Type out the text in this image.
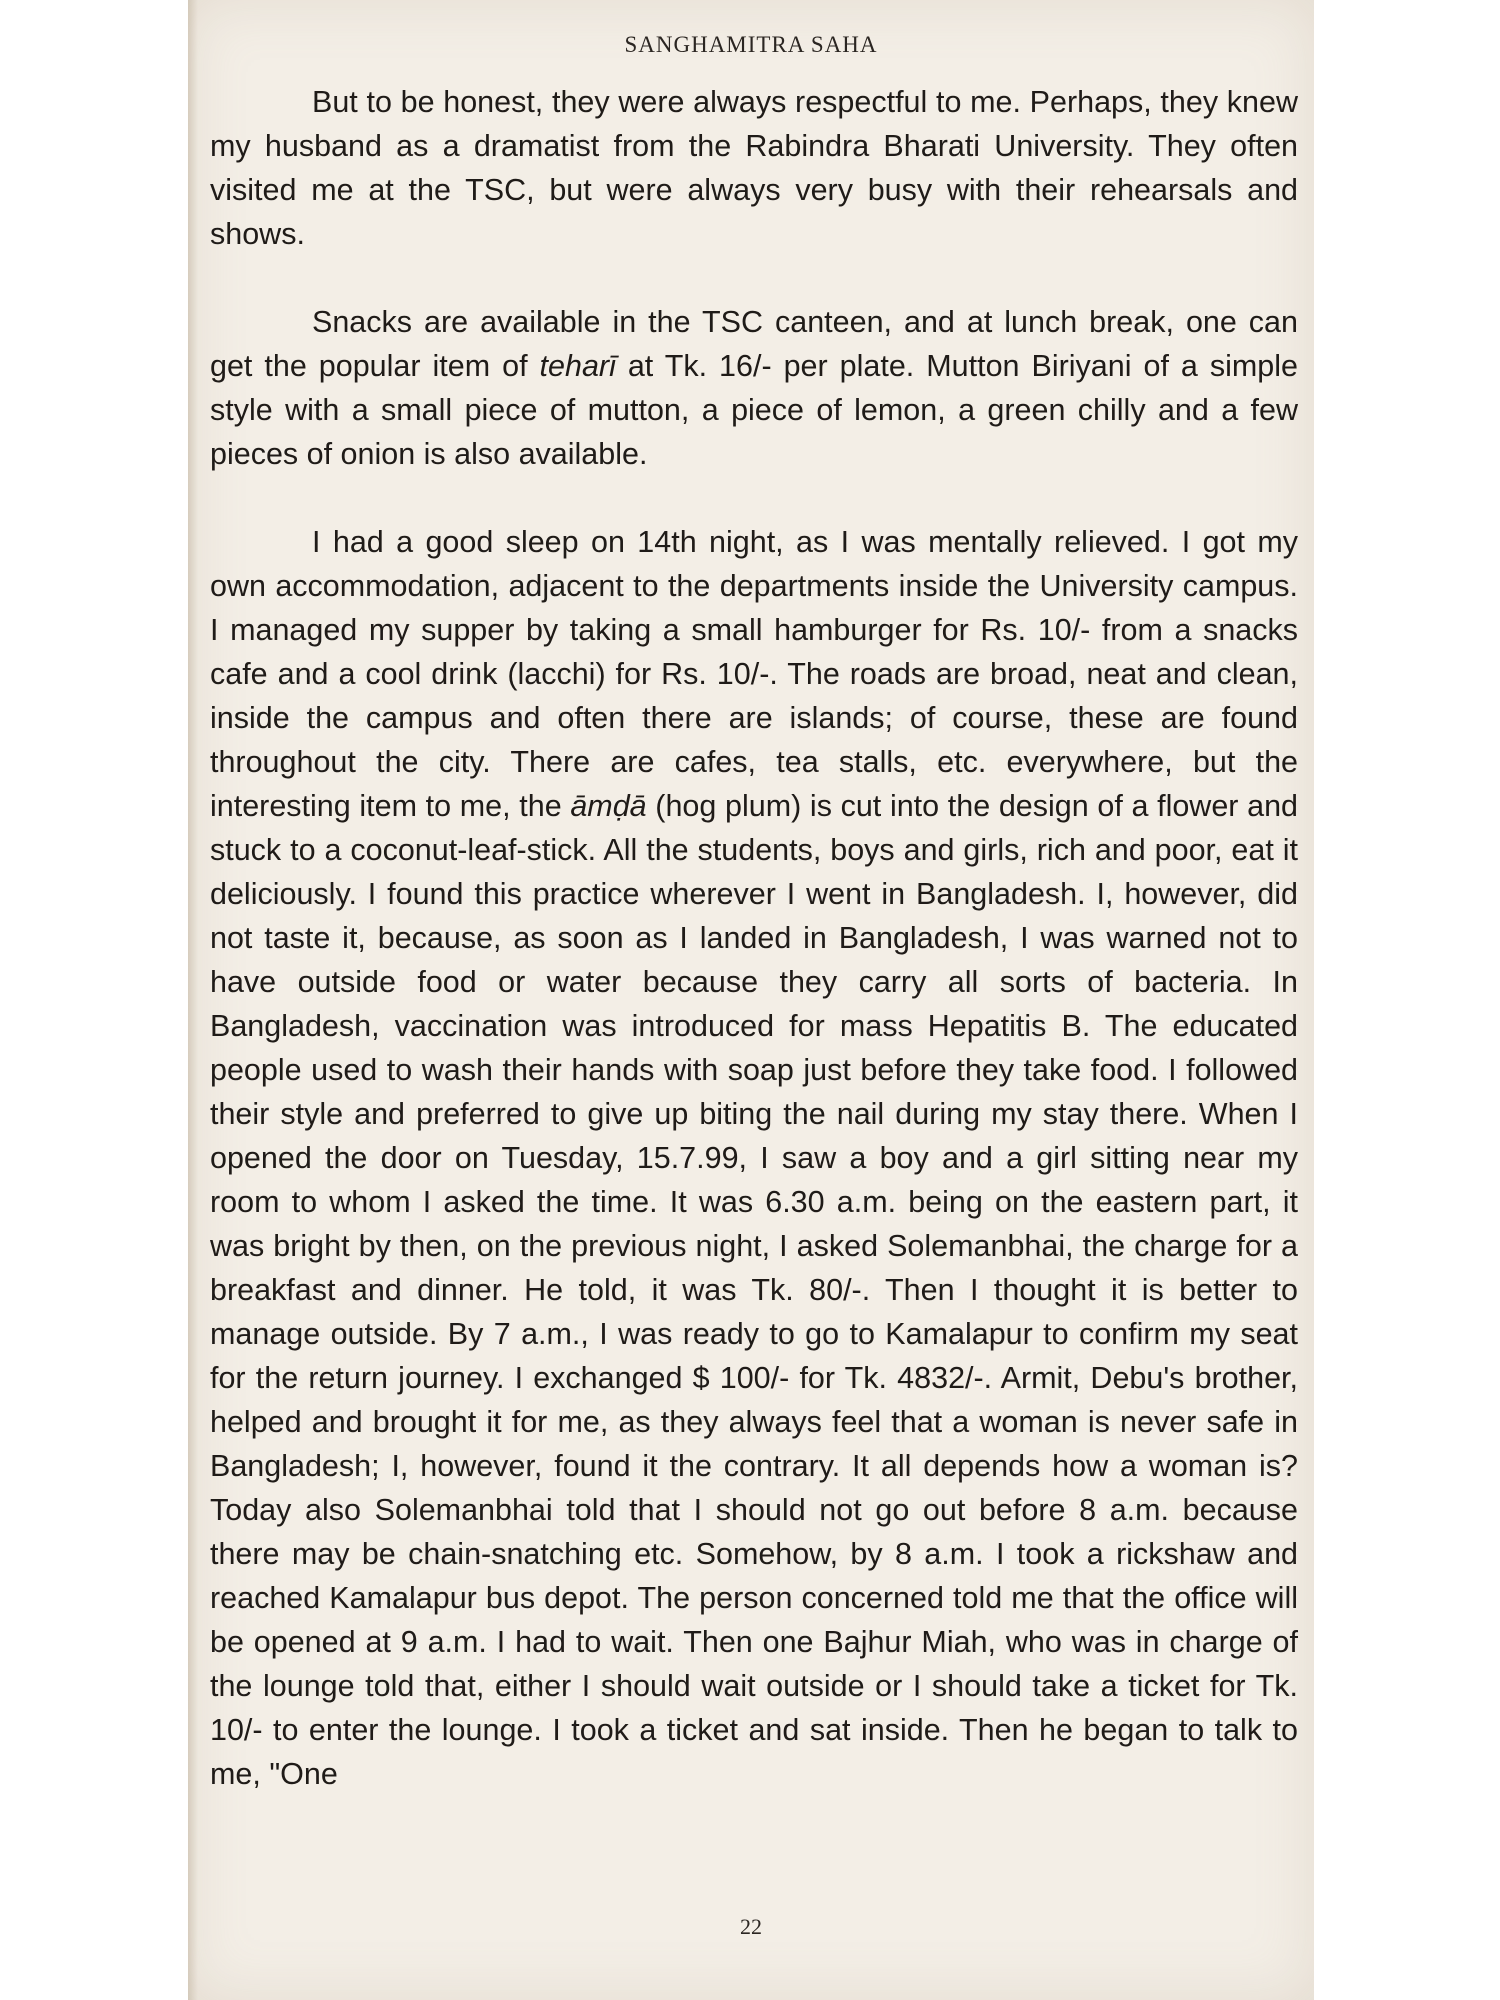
SANGHAMITRA SAHA

But to be honest, they were always respectful to me. Perhaps, they knew my husband as a dramatist from the Rabindra Bharati University. They often visited me at the TSC, but were always very busy with their rehearsals and shows.

Snacks are available in the TSC canteen, and at lunch break, one can get the popular item of teharī at Tk. 16/- per plate. Mutton Biriyani of a simple style with a small piece of mutton, a piece of lemon, a green chilly and a few pieces of onion is also available.

I had a good sleep on 14th night, as I was mentally relieved. I got my own accommodation, adjacent to the departments inside the University campus. I managed my supper by taking a small hamburger for Rs. 10/- from a snacks cafe and a cool drink (lacchi) for Rs. 10/-. The roads are broad, neat and clean, inside the campus and often there are islands; of course, these are found throughout the city. There are cafes, tea stalls, etc. everywhere, but the interesting item to me, the āmḍā (hog plum) is cut into the design of a flower and stuck to a coconut-leaf-stick. All the students, boys and girls, rich and poor, eat it deliciously. I found this practice wherever I went in Bangladesh. I, however, did not taste it, because, as soon as I landed in Bangladesh, I was warned not to have outside food or water because they carry all sorts of bacteria. In Bangladesh, vaccination was introduced for mass Hepatitis B. The educated people used to wash their hands with soap just before they take food. I followed their style and preferred to give up biting the nail during my stay there. When I opened the door on Tuesday, 15.7.99, I saw a boy and a girl sitting near my room to whom I asked the time. It was 6.30 a.m. being on the eastern part, it was bright by then, on the previous night, I asked Solemanbhai, the charge for a breakfast and dinner. He told, it was Tk. 80/-. Then I thought it is better to manage outside. By 7 a.m., I was ready to go to Kamalapur to confirm my seat for the return journey. I exchanged $ 100/- for Tk. 4832/-. Armit, Debu's brother, helped and brought it for me, as they always feel that a woman is never safe in Bangladesh; I, however, found it the contrary. It all depends how a woman is? Today also Solemanbhai told that I should not go out before 8 a.m. because there may be chain-snatching etc. Somehow, by 8 a.m. I took a rickshaw and reached Kamalapur bus depot. The person concerned told me that the office will be opened at 9 a.m. I had to wait. Then one Bajhur Miah, who was in charge of the lounge told that, either I should wait outside or I should take a ticket for Tk. 10/- to enter the lounge. I took a ticket and sat inside. Then he began to talk to me, "One

22
